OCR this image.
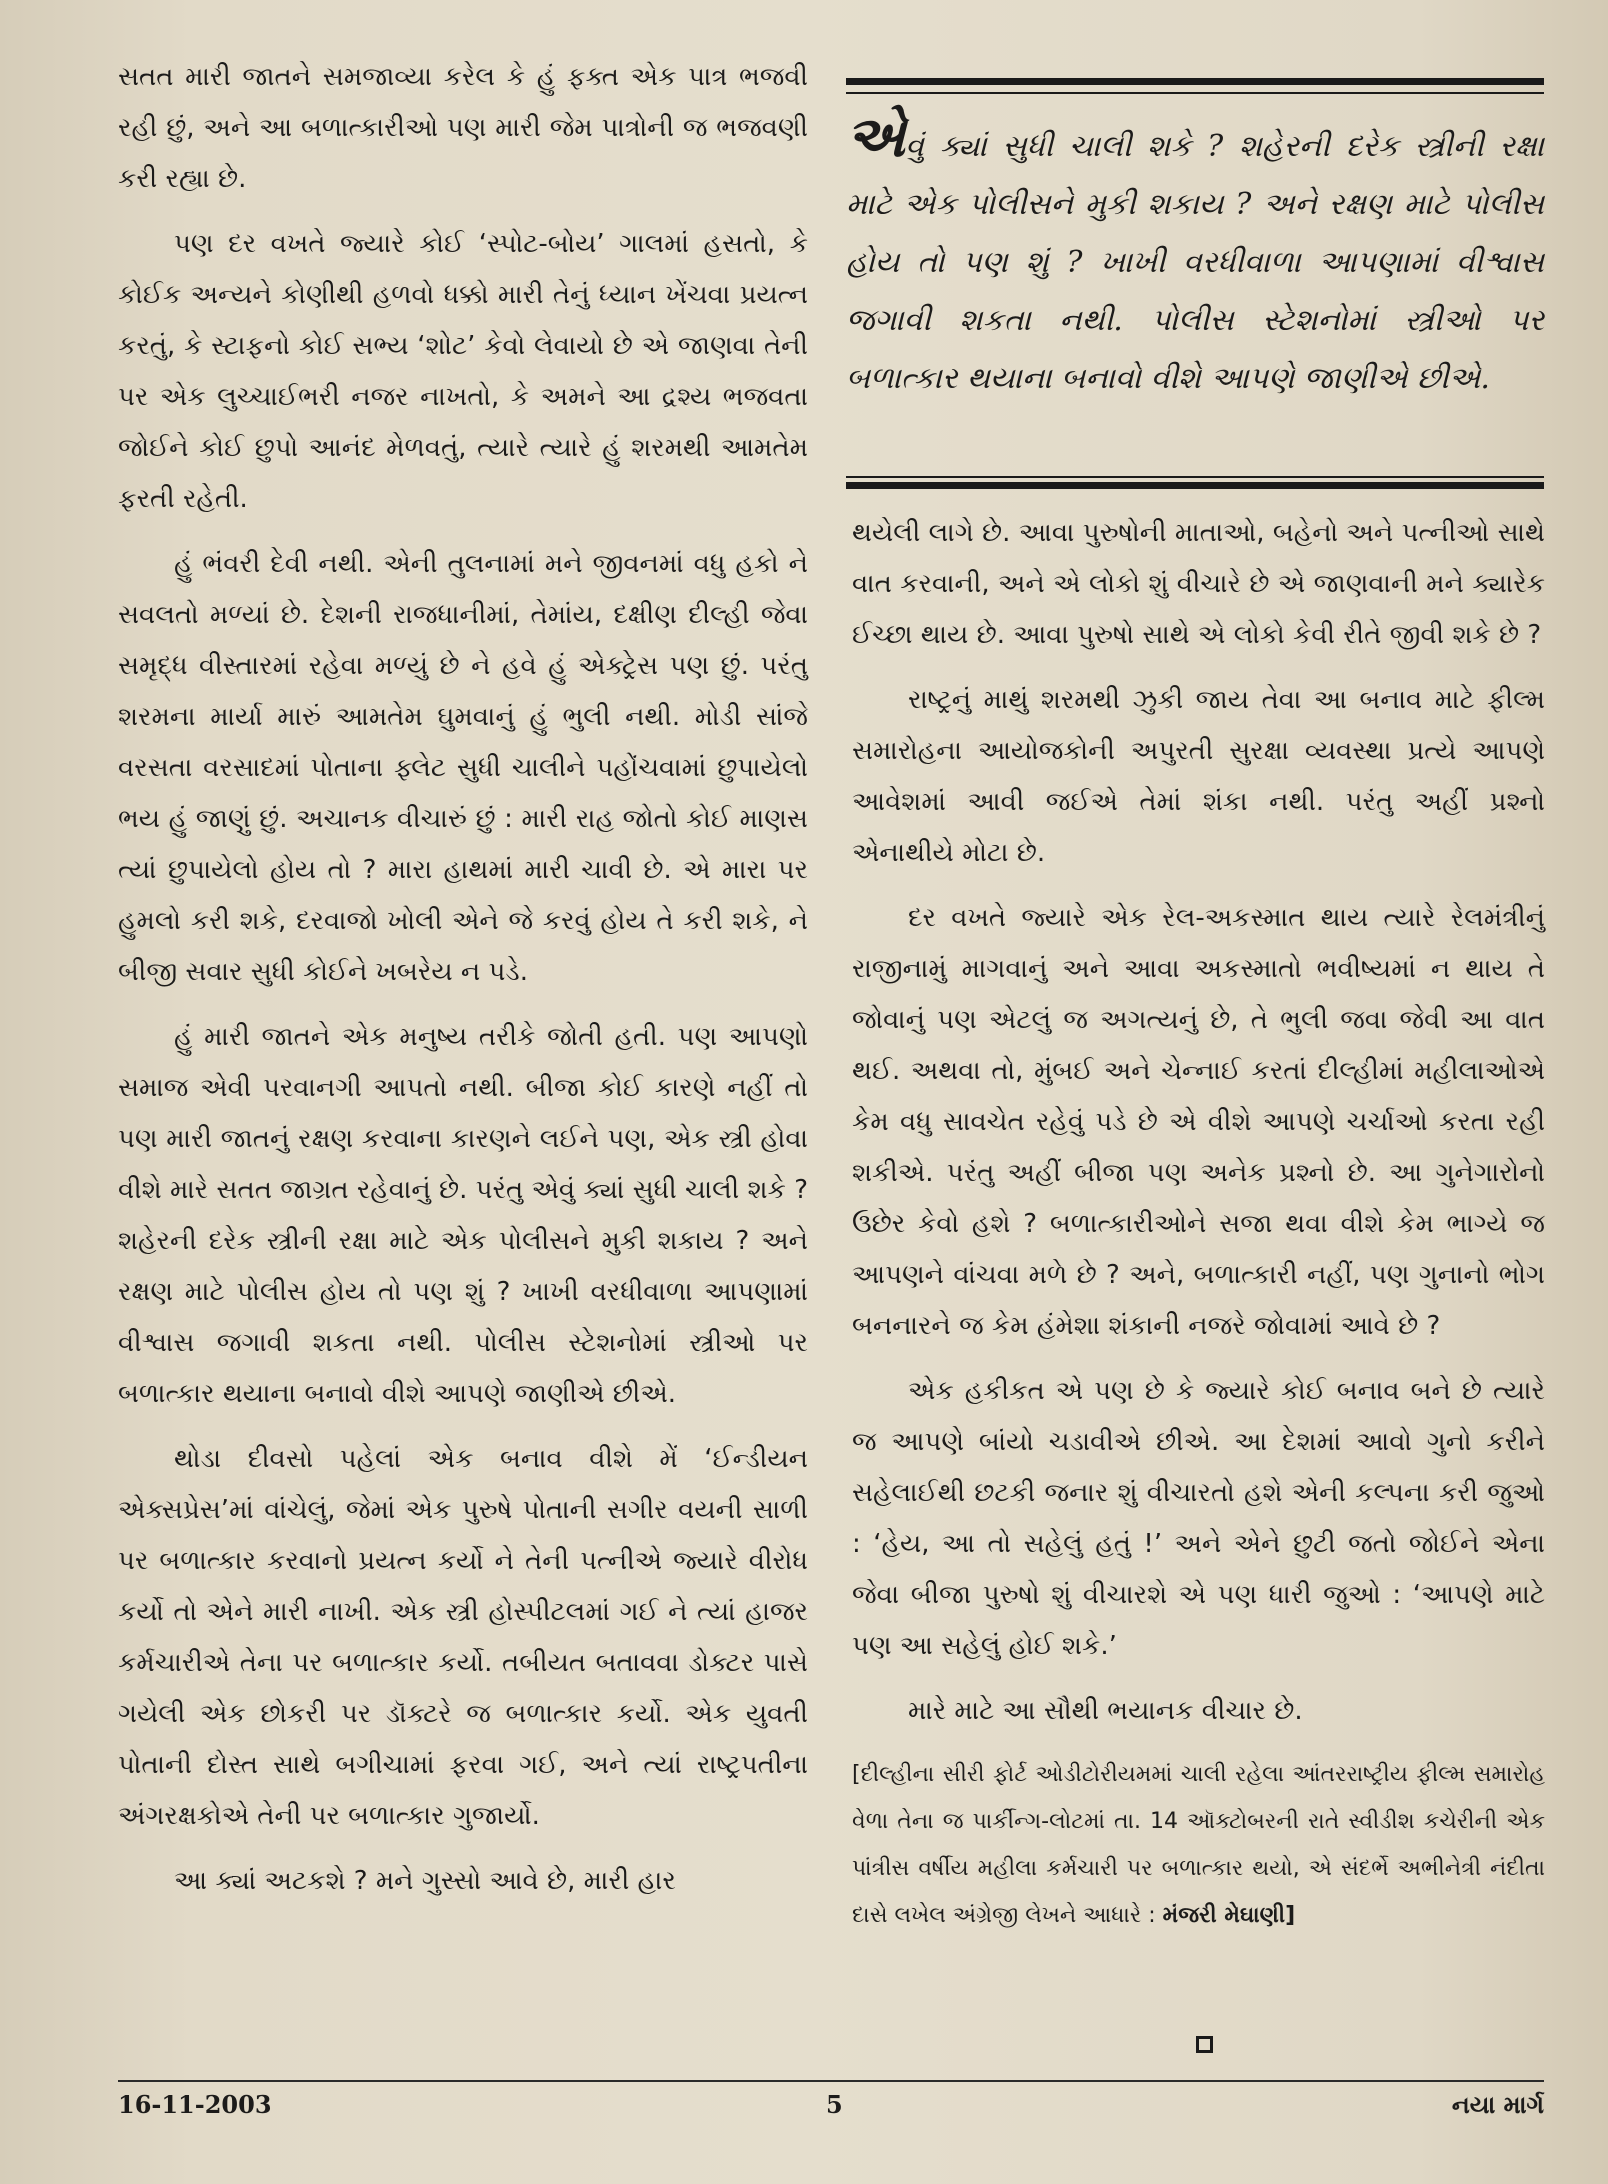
એવું ક્યાં સુધી ચાલી શકે ? શહેરની દરેક સ્ત્રીની રક્ષા માટે એક પોલીસને મુકી શકાય ? અને રક્ષણ માટે પોલીસ હોય તો પણ શું ? ખાખી વરધીવાળા આપણામાં વીશ્વાસ જગાવી શકતા નથી. પોલીસ સ્ટેશનોમાં સ્ત્રીઓ પર બળાત્કાર થયાના બનાવો વીશે આપણે જાણીએ છીએ.

સતત મારી જાતને સમજાવ્યા કરેલ કે હું ફક્ત એક પાત્ર ભજવી રહી છું, અને આ બળાત્કારીઓ પણ મારી જેમ પાત્રોની જ ભજવણી કરી રહ્યા છે.

પણ દર વખતે જ્યારે કોઈ ‘સ્પોટ-બોય’ ગાલમાં હસતો, કે કોઈક અન્યને કોણીથી હળવો ધક્કો મારી તેનું ધ્યાન ખેંચવા પ્રયત્ન કરતું, કે સ્ટાફનો કોઈ સભ્ય ‘શોટ’ કેવો લેવાયો છે એ જાણવા તેની પર એક લુચ્ચાઈભરી નજર નાખતો, કે અમને આ દ્રશ્ય ભજવતા જોઈને કોઈ છુપો આનંદ મેળવતું, ત્યારે ત્યારે હું શરમથી આમતેમ ફરતી રહેતી.

હું ભંવરી દેવી નથી. એની તુલનામાં મને જીવનમાં વધુ હકો ને સવલતો મળ્યાં છે. દેશની રાજધાનીમાં, તેમાંય, દક્ષીણ દીલ્હી જેવા સમૃદ્ધ વીસ્તારમાં રહેવા મળ્યું છે ને હવે હું એક્ટ્રેસ પણ છું. પરંતુ શરમના માર્યા મારું આમતેમ ઘુમવાનું હું ભુલી નથી. મોડી સાંજે વરસતા વરસાદમાં પોતાના ફ્લેટ સુધી ચાલીને પહોંચવામાં છુપાયેલો ભય હું જાણું છું. અચાનક વીચારું છું : મારી રાહ જોતો કોઈ માણસ ત્યાં છુપાયેલો હોય તો ? મારા હાથમાં મારી ચાવી છે. એ મારા પર હુમલો કરી શકે, દરવાજો ખોલી એને જે કરવું હોય તે કરી શકે, ને બીજી સવાર સુધી કોઈને ખબરેય ન પડે.

હું મારી જાતને એક મનુષ્ય તરીકે જોતી હતી. પણ આપણો સમાજ એવી પરવાનગી આપતો નથી. બીજા કોઈ કારણે નહીં તો પણ મારી જાતનું રક્ષણ કરવાના કારણને લઈને પણ, એક સ્ત્રી હોવા વીશે મારે સતત જાગ્રત રહેવાનું છે. પરંતુ એવું ક્યાં સુધી ચાલી શકે ? શહેરની દરેક સ્ત્રીની રક્ષા માટે એક પોલીસને મુકી શકાય ? અને રક્ષણ માટે પોલીસ હોય તો પણ શું ? ખાખી વરધીવાળા આપણામાં વીશ્વાસ જગાવી શકતા નથી. પોલીસ સ્ટેશનોમાં સ્ત્રીઓ પર બળાત્કાર થયાના બનાવો વીશે આપણે જાણીએ છીએ.

થોડા દીવસો પહેલાં એક બનાવ વીશે મેં ‘ઈન્ડીયન એક્સપ્રેસ’માં વાંચેલું, જેમાં એક પુરુષે પોતાની સગીર વયની સાળી પર બળાત્કાર કરવાનો પ્રયત્ન કર્યો ને તેની પત્નીએ જ્યારે વીરોધ કર્યો તો એને મારી નાખી. એક સ્ત્રી હોસ્પીટલમાં ગઈ ને ત્યાં હાજર કર્મચારીએ તેના પર બળાત્કાર કર્યો. તબીયત બતાવવા ડોક્ટર પાસે ગયેલી એક છોકરી પર ડૉક્ટરે જ બળાત્કાર કર્યો. એક યુવતી પોતાની દોસ્ત સાથે બગીચામાં ફરવા ગઈ, અને ત્યાં રાષ્ટ્રપતીના અંગરક્ષકોએ તેની પર બળાત્કાર ગુજાર્યો.

આ ક્યાં અટકશે ? મને ગુસ્સો આવે છે, મારી હાર

થયેલી લાગે છે. આવા પુરુષોની માતાઓ, બહેનો અને પત્નીઓ સાથે વાત કરવાની, અને એ લોકો શું વીચારે છે એ જાણવાની મને ક્યારેક ઈચ્છા થાય છે. આવા પુરુષો સાથે એ લોકો કેવી રીતે જીવી શકે છે ?

રાષ્ટ્રનું માથું શરમથી ઝુકી જાય તેવા આ બનાવ માટે ફીલ્મ સમારોહના આયોજકોની અપુરતી સુરક્ષા વ્યવસ્થા પ્રત્યે આપણે આવેશમાં આવી જઈએ તેમાં શંકા નથી. પરંતુ અહીં પ્રશ્નો એનાથીયે મોટા છે.

દર વખતે જ્યારે એક રેલ-અકસ્માત થાય ત્યારે રેલમંત્રીનું રાજીનામું માગવાનું અને આવા અકસ્માતો ભવીષ્યમાં ન થાય તે જોવાનું પણ એટલું જ અગત્યનું છે, તે ભુલી જવા જેવી આ વાત થઈ. અથવા તો, મુંબઈ અને ચેન્નાઈ કરતાં દીલ્હીમાં મહીલાઓએ કેમ વધુ સાવચેત રહેવું પડે છે એ વીશે આપણે ચર્ચાઓ કરતા રહી શકીએ. પરંતુ અહીં બીજા પણ અનેક પ્રશ્નો છે. આ ગુનેગારોનો ઉછેર કેવો હશે ? બળાત્કારીઓને સજા થવા વીશે કેમ ભાગ્યે જ આપણને વાંચવા મળે છે ? અને, બળાત્કારી નહીં, પણ ગુનાનો ભોગ બનનારને જ કેમ હંમેશા શંકાની નજરે જોવામાં આવે છે ?

એક હકીકત એ પણ છે કે જ્યારે કોઈ બનાવ બને છે ત્યારે જ આપણે બાંયો ચડાવીએ છીએ. આ દેશમાં આવો ગુનો કરીને સહેલાઈથી છટકી જનાર શું વીચારતો હશે એની કલ્પના કરી જુઓ : ‘હેય, આ તો સહેલું હતું !’ અને એને છુટી જતો જોઈને એના જેવા બીજા પુરુષો શું વીચારશે એ પણ ધારી જુઓ : ‘આપણે માટે પણ આ સહેલું હોઈ શકે.’

મારે માટે આ સૌથી ભયાનક વીચાર છે.

[દીલ્હીના સીરી ફોર્ટ ઓડીટોરીયમમાં ચાલી રહેલા આંતરરાષ્ટ્રીય ફીલ્મ સમારોહ વેળા તેના જ પાર્કીન્ગ-લોટમાં તા. 14 ઑક્ટોબરની રાતે સ્વીડીશ કચેરીની એક પાંત્રીસ વર્ષીય મહીલા કર્મચારી પર બળાત્કાર થયો, એ સંદર્ભે અભીનેત્રી નંદીતા દાસે લખેલ અંગ્રેજી લેખને આધારે : મંજરી મેઘાણી]

16-11-2003	5	નયા માર્ગ
